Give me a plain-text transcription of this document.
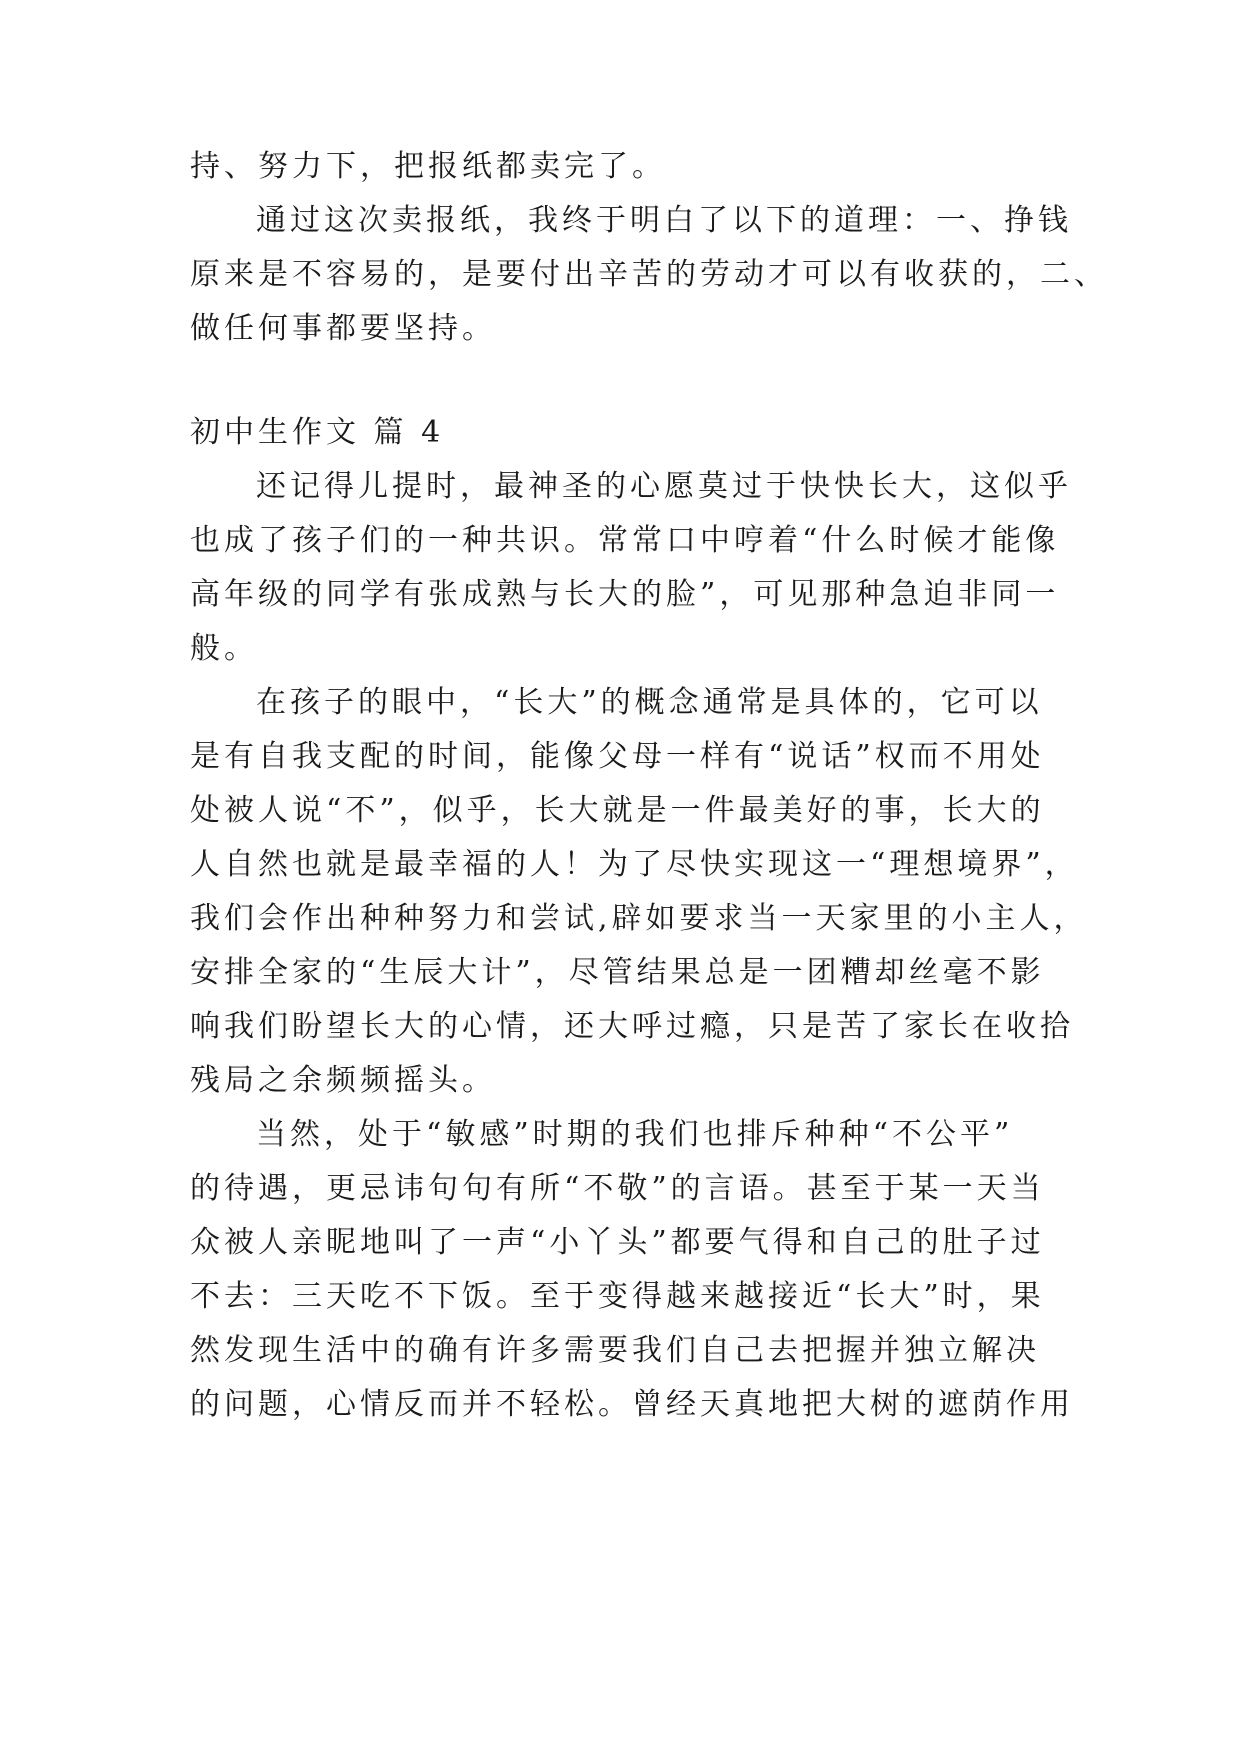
持、努力下，把报纸都卖完了。
通过这次卖报纸，我终于明白了以下的道理：一、挣钱
原来是不容易的，是要付出辛苦的劳动才可以有收获的，二、
做任何事都要坚持。
初中生作文 篇 4
还记得儿提时，最神圣的心愿莫过于快快长大，这似乎
也成了孩子们的一种共识。常常口中哼着“什么时候才能像
高年级的同学有张成熟与长大的脸”，可见那种急迫非同一
般。
在孩子的眼中，“长大”的概念通常是具体的，它可以
是有自我支配的时间，能像父母一样有“说话”权而不用处
处被人说“不”，似乎，长大就是一件最美好的事，长大的
人自然也就是最幸福的人！为了尽快实现这一“理想境界”，
我们会作出种种努力和尝试,辟如要求当一天家里的小主人，
安排全家的“生辰大计”，尽管结果总是一团糟却丝毫不影
响我们盼望长大的心情，还大呼过瘾，只是苦了家长在收拾
残局之余频频摇头。
当然，处于“敏感”时期的我们也排斥种种“不公平”
的待遇，更忌讳句句有所“不敬”的言语。甚至于某一天当
众被人亲昵地叫了一声“小丫头”都要气得和自己的肚子过
不去：三天吃不下饭。至于变得越来越接近“长大”时，果
然发现生活中的确有许多需要我们自己去把握并独立解决
的问题，心情反而并不轻松。曾经天真地把大树的遮荫作用
